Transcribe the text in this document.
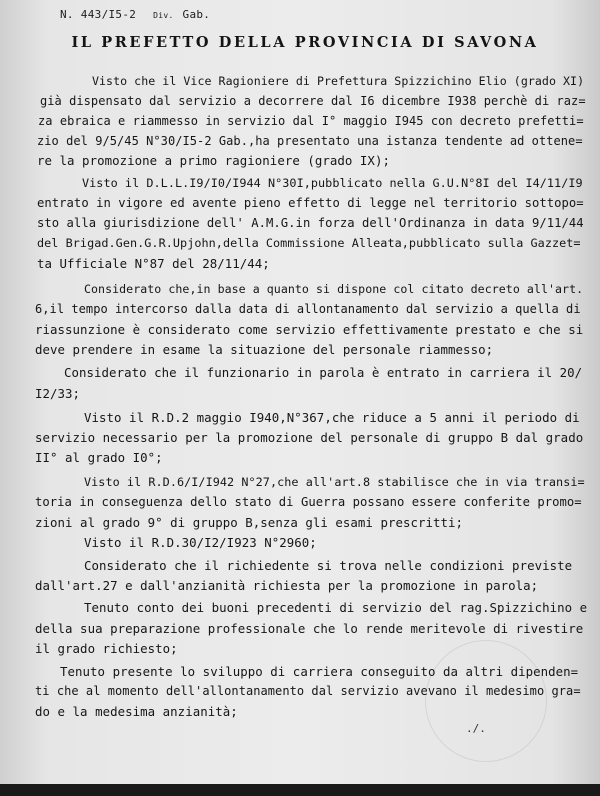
N. 443/I5-2 Div. Gab.
IL PREFETTO DELLA PROVINCIA DI SAVONA
Visto che il Vice Ragioniere di Prefettura Spizzichino Elio (grado XI)
già dispensato dal servizio a decorrere dal I6 dicembre I938 perchè di raz=
za ebraica e riammesso in servizio dal I° maggio I945 con decreto prefetti=
zio del 9/5/45 N°30/I5-2 Gab.,ha presentato una istanza tendente ad ottene=
re la promozione a primo ragioniere (grado IX);
Visto il D.L.L.I9/I0/I944 N°30I,pubblicato nella G.U.N°8I del I4/11/I9
entrato in vigore ed avente pieno effetto di legge nel territorio sottopo=
sto alla giurisdizione dell' A.M.G.in forza dell'Ordinanza in data 9/11/44
del Brigad.Gen.G.R.Upjohn,della Commissione Alleata,pubblicato sulla Gazzet=
ta Ufficiale N°87 del 28/11/44;
Considerato che,in base a quanto si dispone col citato decreto all'art.
6,il tempo intercorso dalla data di allontanamento dal servizio a quella di
riassunzione è considerato come servizio effettivamente prestato e che si
deve prendere in esame la situazione del personale riammesso;
Considerato che il funzionario in parola è entrato in carriera il 20/
I2/33;
Visto il R.D.2 maggio I940,N°367,che riduce a 5 anni il periodo di
servizio necessario per la promozione del personale di gruppo B dal grado
II° al grado I0°;
Visto il R.D.6/I/I942 N°27,che all'art.8 stabilisce che in via transi=
toria in conseguenza dello stato di Guerra possano essere conferite promo=
zioni al grado 9° di gruppo B,senza gli esami prescritti;
Visto il R.D.30/I2/I923 N°2960;
Considerato che il richiedente si trova nelle condizioni previste
dall'art.27 e dall'anzianità richiesta per la promozione in parola;
Tenuto conto dei buoni precedenti di servizio del rag.Spizzichino e
della sua preparazione professionale che lo rende meritevole di rivestire
il grado richiesto;
Tenuto presente lo sviluppo di carriera conseguito da altri dipenden=
ti che al momento dell'allontanamento dal servizio avevano il medesimo gra=
do e la medesima anzianità;
./.
